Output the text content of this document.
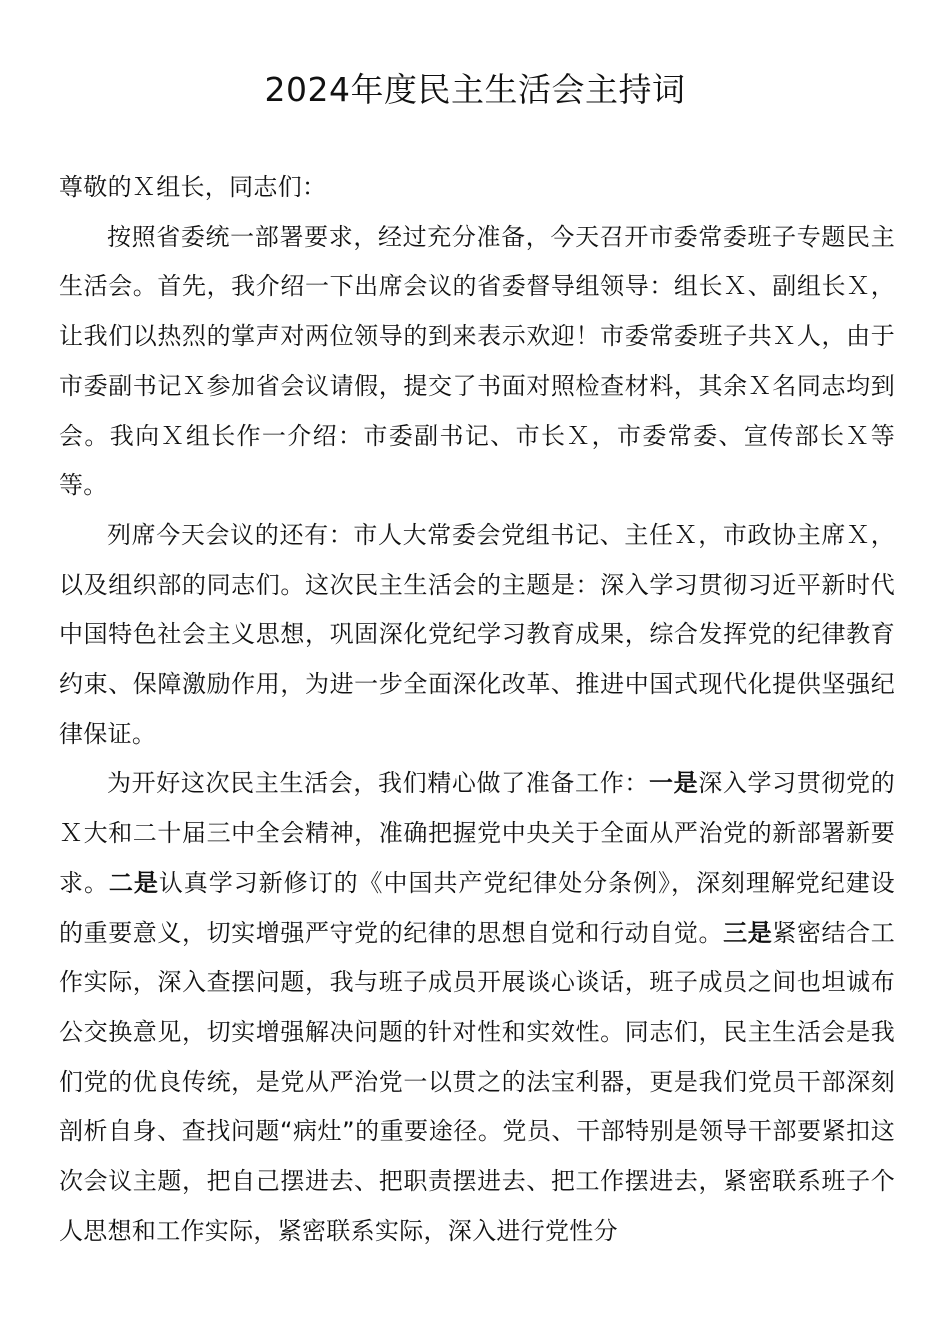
2024年度民主生活会主持词

尊敬的Ｘ组长，同志们：

按照省委统一部署要求，经过充分准备，今天召开市委常委班子专题民主生活会。首先，我介绍一下出席会议的省委督导组领导：组长Ｘ、副组长Ｘ，让我们以热烈的掌声对两位领导的到来表示欢迎！市委常委班子共Ｘ人，由于市委副书记Ｘ参加省会议请假，提交了书面对照检查材料，其余Ｘ名同志均到会。我向Ｘ组长作一介绍：市委副书记、市长Ｘ，市委常委、宣传部长Ｘ等等。

列席今天会议的还有：市人大常委会党组书记、主任Ｘ，市政协主席Ｘ，以及组织部的同志们。这次民主生活会的主题是：深入学习贯彻习近平新时代中国特色社会主义思想，巩固深化党纪学习教育成果，综合发挥党的纪律教育约束、保障激励作用，为进一步全面深化改革、推进中国式现代化提供坚强纪律保证。

为开好这次民主生活会，我们精心做了准备工作：一是深入学习贯彻党的Ｘ大和二十届三中全会精神，准确把握党中央关于全面从严治党的新部署新要求。二是认真学习新修订的《中国共产党纪律处分条例》，深刻理解党纪建设的重要意义，切实增强严守党的纪律的思想自觉和行动自觉。三是紧密结合工作实际，深入查摆问题，我与班子成员开展谈心谈话，班子成员之间也坦诚布公交换意见，切实增强解决问题的针对性和实效性。同志们，民主生活会是我们党的优良传统，是党从严治党一以贯之的法宝利器，更是我们党员干部深刻剖析自身、查找问题“病灶”的重要途径。党员、干部特别是领导干部要紧扣这次会议主题，把自己摆进去、把职责摆进去、把工作摆进去，紧密联系班子个人思想和工作实际，紧密联系实际，深入进行党性分
